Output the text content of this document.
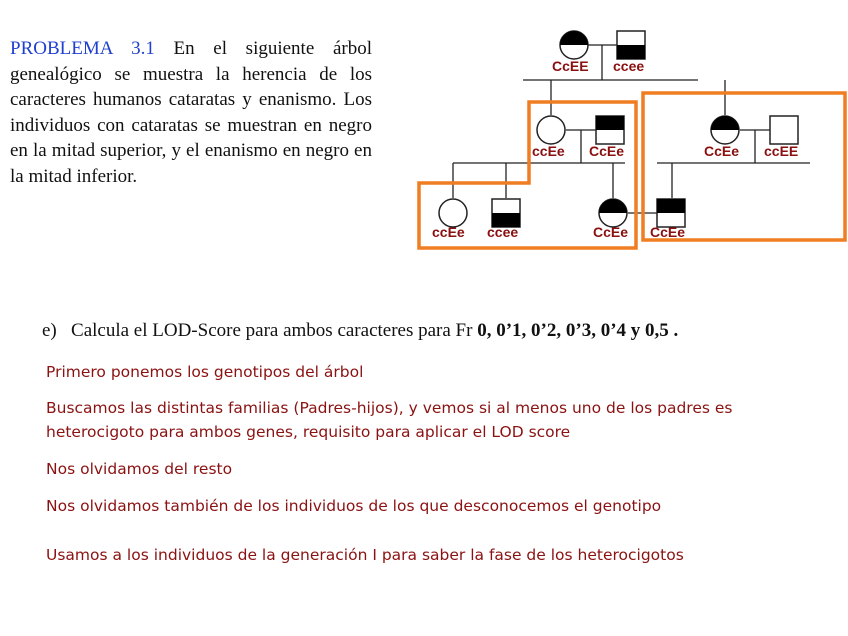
PROBLEMA 3.1 En el siguiente árbol genealógico se muestra la herencia de los caracteres humanos cataratas y enanismo. Los individuos con cataratas se muestran en negro en la mitad superior, y el enanismo en negro en la mitad inferior.
CcEE ccee
ccEe CcEe	CcEe ccEE
ccEe ccee	CcEe CcEe
e) Calcula el LOD-Score para ambos caracteres para Fr 0, 0’1, 0’2, 0’3, 0’4 y 0,5 .
Primero ponemos los genotipos del árbol
Buscamos las distintas familias (Padres-hijos), y vemos si al menos uno de los padres es heterocigoto para ambos genes, requisito para aplicar el LOD score
Nos olvidamos del resto
Nos olvidamos también de los individuos de los que desconocemos el genotipo
Usamos a los individuos de la generación I para saber la fase de los heterocigotos
